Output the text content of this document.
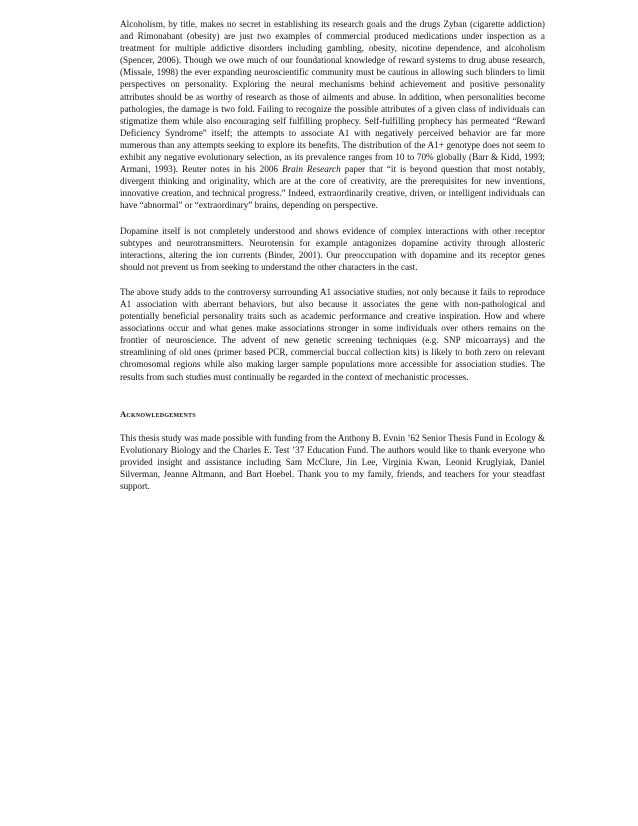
Alcoholism, by title, makes no secret in establishing its research goals and the drugs Zyban (cigarette addiction) and Rimonabant (obesity) are just two examples of commercial produced medications under inspection as a treatment for multiple addictive disorders including gambling, obesity, nicotine dependence, and alcoholism (Spencer, 2006). Though we owe much of our foundational knowledge of reward systems to drug abuse research, (Missale, 1998) the ever expanding neuroscientific community must be cautious in allowing such blinders to limit perspectives on personality. Exploring the neural mechanisms behind achievement and positive personality attributes should be as worthy of research as those of ailments and abuse. In addition, when personalities become pathologies, the damage is two fold. Failing to recognize the possible attributes of a given class of individuals can stigmatize them while also encouraging self fulfilling prophecy. Self-fulfilling prophecy has permeated “Reward Deficiency Syndrome” itself; the attempts to associate A1 with negatively perceived behavior are far more numerous than any attempts seeking to explore its benefits. The distribution of the A1+ genotype does not seem to exhibit any negative evolutionary selection, as its prevalence ranges from 10 to 70% globally (Barr & Kidd, 1993; Armani, 1993). Reuter notes in his 2006 Brain Research paper that “it is beyond question that most notably, divergent thinking and originality, which are at the core of creativity, are the prerequisites for new inventions, innovative creation, and technical progress.” Indeed, extraordinarily creative, driven, or intelligent individuals can have “abnormal” or “extraordinary” brains, depending on perspective.

Dopamine itself is not completely understood and shows evidence of complex interactions with other receptor subtypes and neurotransmitters. Neurotensin for example antagonizes dopamine activity through allosteric interactions, altering the ion currents (Binder, 2001). Our preoccupation with dopamine and its receptor genes should not prevent us from seeking to understand the other characters in the cast.

The above study adds to the controversy surrounding A1 associative studies, not only because it fails to reproduce A1 association with aberrant behaviors, but also because it associates the gene with non-pathological and potentially beneficial personality traits such as academic performance and creative inspiration. How and where associations occur and what genes make associations stronger in some individuals over others remains on the frontier of neuroscience. The advent of new genetic screening techniques (e.g. SNP micoarrays) and the streamlining of old ones (primer based PCR, commercial buccal collection kits) is likely to both zero on relevant chromosomal regions while also making larger sample populations more accessible for association studies. The results from such studies must continually be regarded in the context of mechanistic processes.

Acknowledgements

This thesis study was made possible with funding from the Anthony B. Evnin ’62 Senior Thesis Fund in Ecology & Evolutionary Biology and the Charles E. Test ’37 Education Fund. The authors would like to thank everyone who provided insight and assistance including Sam McClure, Jin Lee, Virginia Kwan, Leonid Kruglyiak, Daniel Silverman, Jeanne Altmann, and Bart Hoebel. Thank you to my family, friends, and teachers for your steadfast support.
